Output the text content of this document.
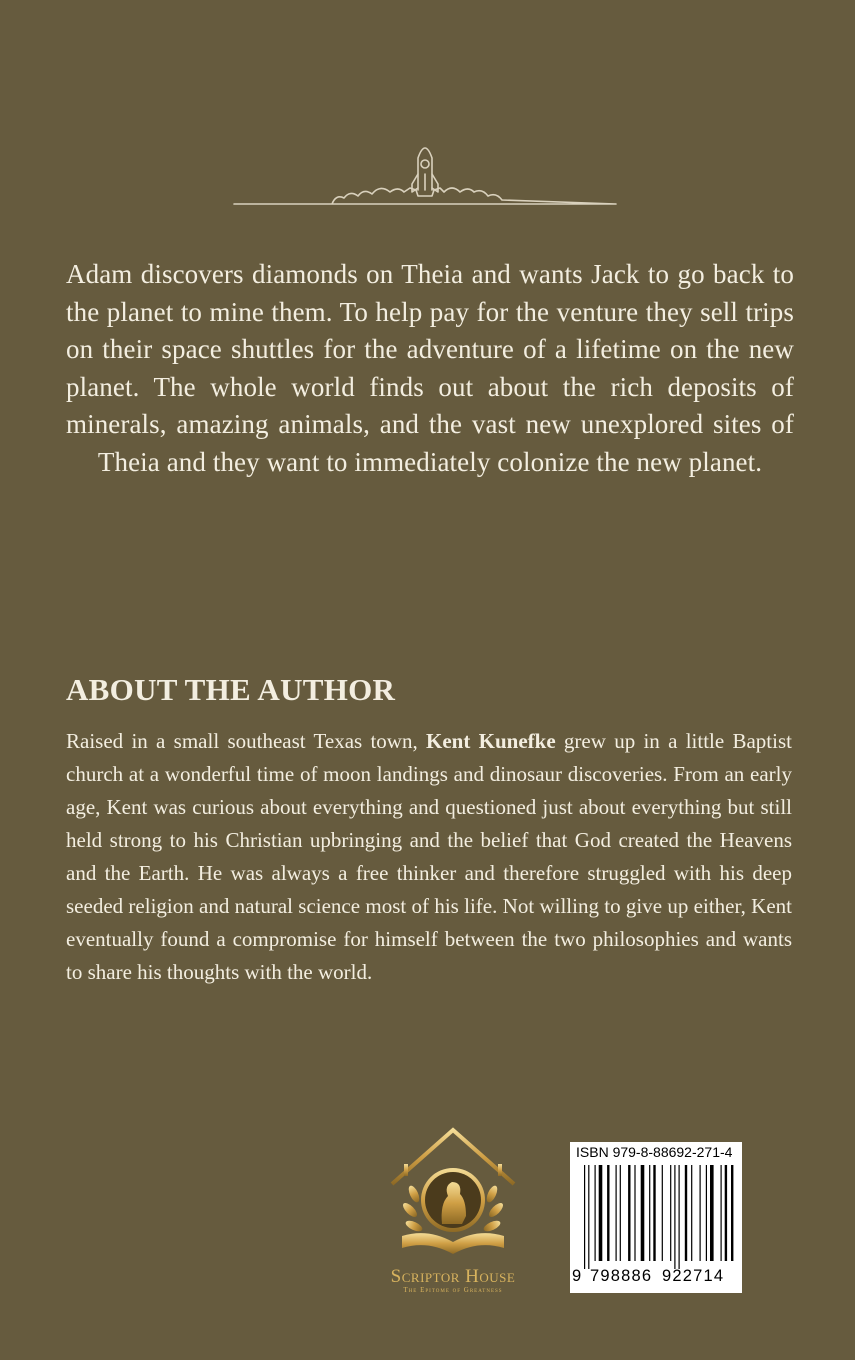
Adam discovers diamonds on Theia and wants Jack to go back to the planet to mine them. To help pay for the venture they sell trips on their space shuttles for the adventure of a lifetime on the new planet. The whole world finds out about the rich deposits of minerals, amazing animals, and the vast new unexplored sites of Theia and they want to immediately colonize the new planet.
ABOUT THE AUTHOR
Raised in a small southeast Texas town, Kent Kunefke grew up in a little Baptist church at a wonderful time of moon landings and dinosaur discoveries. From an early age, Kent was curious about everything and questioned just about everything but still held strong to his Christian upbringing and the belief that God created the Heavens and the Earth. He was always a free thinker and therefore struggled with his deep seeded religion and natural science most of his life. Not willing to give up either, Kent eventually found a compromise for himself between the two philosophies and wants to share his thoughts with the world.
Scriptor House
The Epitome of Greatness
ISBN 979-8-88692-271-4
9 798886 922714
